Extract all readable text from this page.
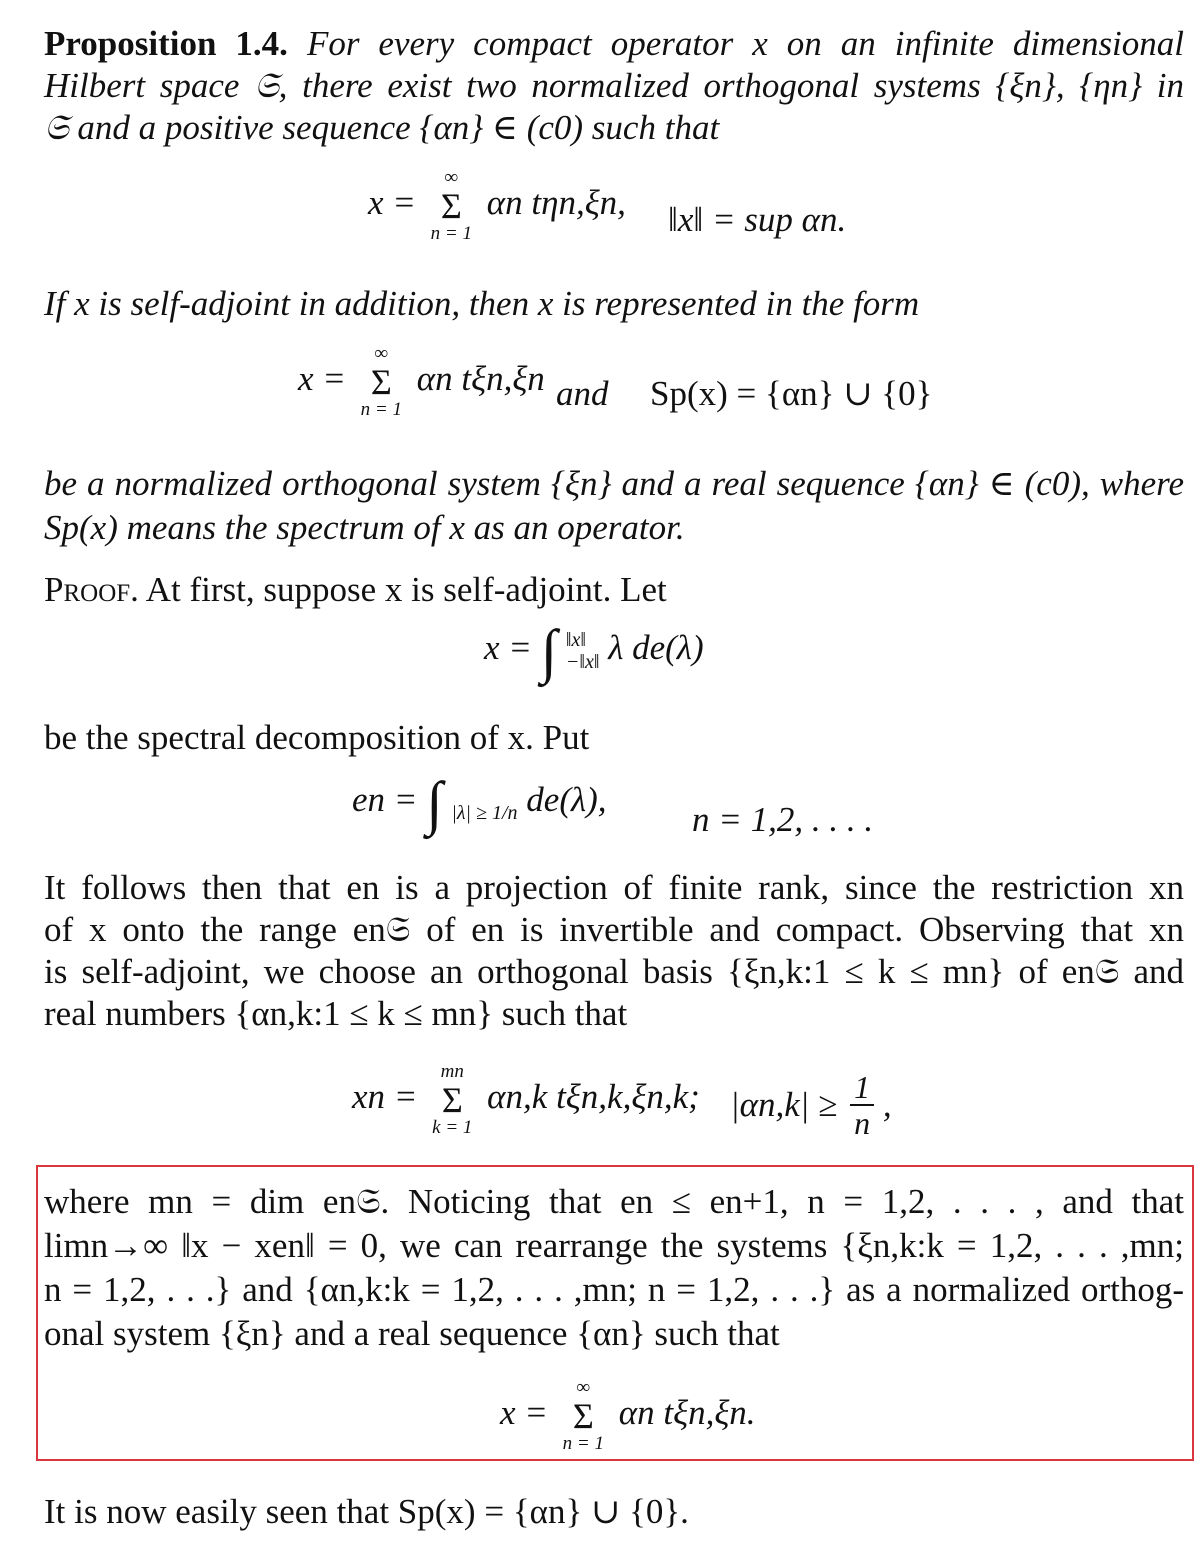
Proposition 1.4. For every compact operator x on an infinite dimensional
Hilbert space 𝔖, there exist two normalized orthogonal systems {ξn}, {ηn} in
𝔖 and a positive sequence {αn} ∈ (c0) such that
x =
∞
Σ
n = 1
αn tηn,ξn, ‖x‖ = sup αn.
If x is self-adjoint in addition, then x is represented in the form
x =
∞
Σ
n = 1
αn tξn,ξn and Sp(x) = {αn} ∪ {0}
be a normalized orthogonal system {ξn} and a real sequence {αn} ∈ (c0), where
Sp(x) means the spectrum of x as an operator.
Proof. At first, suppose x is self-adjoint. Let
x = ∫ ‖x‖
−‖x‖ λ de(λ)
be the spectral decomposition of x. Put
en = ∫ |λ| ≥ 1/n de(λ),
n = 1,2, . . . .
It follows then that en is a projection of finite rank, since the restriction xn
of x onto the range en𝔖 of en is invertible and compact. Observing that xn
is self-adjoint, we choose an orthogonal basis {ξn,k:1 ≤ k ≤ mn} of en𝔖 and
real numbers {αn,k:1 ≤ k ≤ mn} such that
xn =
mn
Σ
k = 1
αn,k tξn,k,ξn,k; $|\alpha n,k| \ge \frac{1}{n}$ ,
where mn = dim en𝔖. Noticing that en ≤ en+1, n = 1,2, . . . , and that
limn→∞ ‖x − xen‖ = 0, we can rearrange the systems {ξn,k:k = 1,2, . . . ,mn;
n = 1,2, . . .} and {αn,k:k = 1,2, . . . ,mn; n = 1,2, . . .} as a normalized orthog-
onal system {ξn} and a real sequence {αn} such that
x =
∞
Σ
n = 1
αn tξn,ξn.
It is now easily seen that Sp(x) = {αn} ∪ {0}.
